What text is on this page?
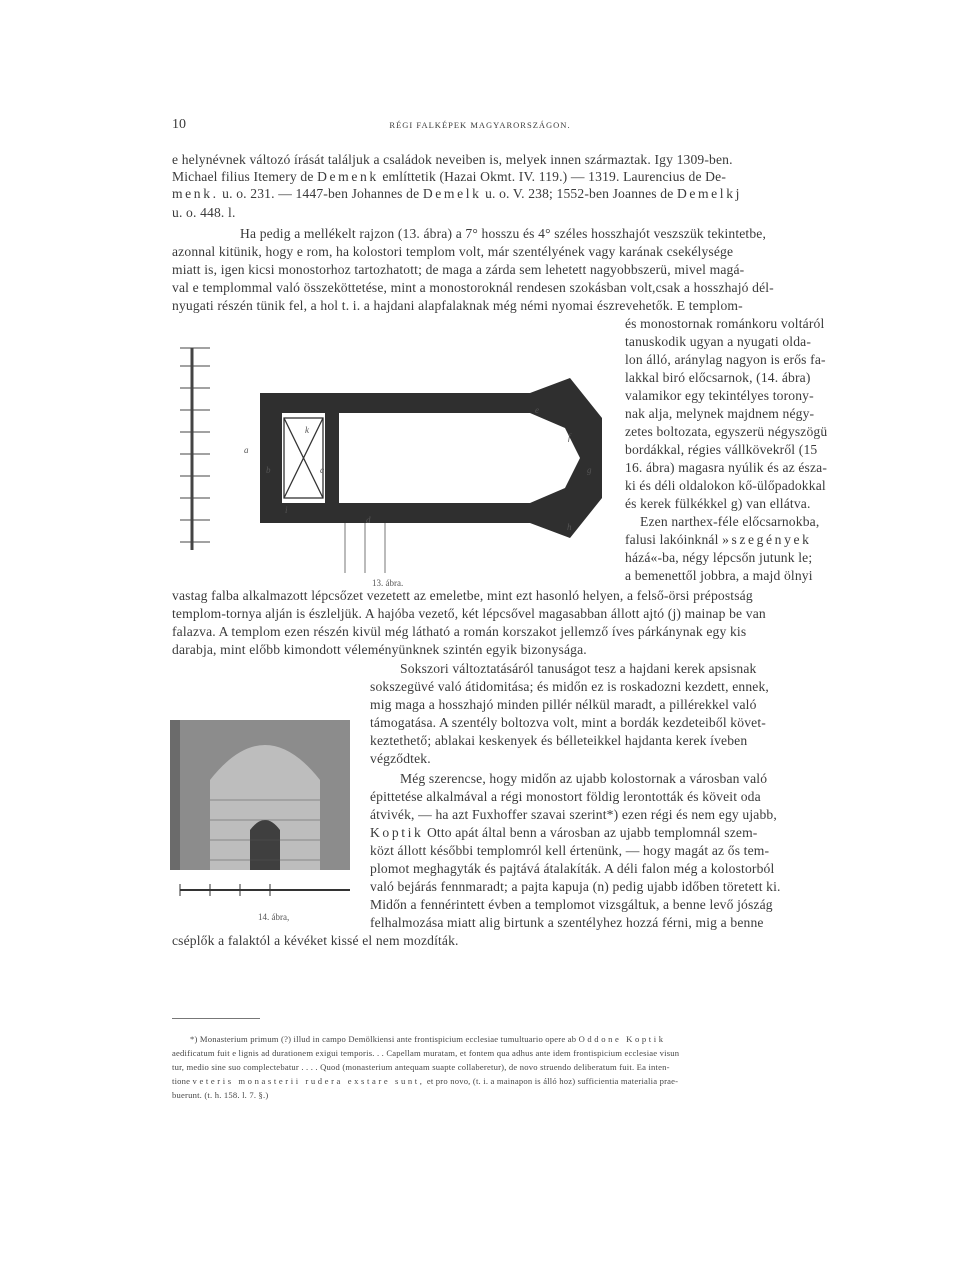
10	RÉGI FALKÉPEK MAGYARORSZÁGON.
e helynévnek változó írását találjuk a családok neveiben is, melyek innen származtak. Igy 1309-ben.
Michael filius Itemery de Demenk említtetik (Hazai Okmt. IV. 119.) — 1319. Laurencius de De-
menk. u. o. 231. — 1447-ben Johannes de Demelk u. o. V. 238; 1552-ben Joannes de Demelkj
u. o. 448. l.
Ha pedig a mellékelt rajzon (13. ábra) a 7° hosszu és 4° széles hosszhajót veszszük tekintetbe,
azonnal kitünik, hogy e rom, ha kolostori templom volt, már szentélyének vagy karának csekélysége
miatt is, igen kicsi monostorhoz tartozhatott; de maga a zárda sem lehetett nagyobbszerü, mivel magá-
val e templommal való összeköttetése, mint a monostoroknál rendesen szokásban volt,csak a hosszhajó dél-
nyugati részén tünik fel, a hol t. i. a hajdani alapfalaknak még némi nyomai észrevehetők. E templom-
és monostornak románkoru voltáról
tanuskodik ugyan a nyugati olda-
lon álló, aránylag nagyon is erős fa-
lakkal biró előcsarnok, (14. ábra)
valamikor egy tekintélyes torony-
nak alja, melynek majdnem négy-
zetes boltozata, egyszerü négyszögü
bordákkal, régies vállkövekről (15
16. ábra) magasra nyúlik és az észa-
ki és déli oldalokon kő-ülőpadokkal
és kerek fülkékkel g) van ellátva.
Ezen narthex-féle előcsarnokba,
falusi lakóinknál »szegények
házá«-ba, négy lépcsőn jutunk le;
a bemenettől jobbra, a majd ölnyi
vastag falba alkalmazott lépcsőzet vezetett az emeletbe, mint ezt hasonló helyen, a felső-örsi prépostság
templom-tornya alján is észleljük. A hajóba vezető, két lépcsővel magasabban állott ajtó (j) mainap be van
falazva. A templom ezen részén kivül még látható a román korszakot jellemző íves párkánynak egy kis
darabja, mint előbb kimondott véleményünknek szintén egyik bizonysága.
Sokszori változtatásáról tanuságot tesz a hajdani kerek apsisnak
sokszegüvé való átidomitása; és midőn ez is roskadozni kezdett, ennek,
mig maga a hosszhajó minden pillér nélkül maradt, a pillérekkel való
támogatása. A szentély boltozva volt, mint a bordák kezdeteiből követ-
keztethető; ablakai keskenyek és bélleteikkel hajdanta kerek íveben
végződtek.
Még szerencse, hogy midőn az ujabb kolostornak a városban való
épittetése alkalmával a régi monostort földig lerontották és köveit oda
átvivék, — ha azt Fuxhoffer szavai szerint*) ezen régi és nem egy ujabb,
Koptik Otto apát által benn a városban az ujabb templomnál szem-
közt állott későbbi templomról kell értenünk, — hogy magát az ős tem-
plomot meghagyták és pajtává átalakíták. A déli falon még a kolostorból
való bejárás fennmaradt; a pajta kapuja (n) pedig ujabb időben töretett ki.
Midőn a fennérintett évben a templomot vizsgáltuk, a benne levő jószág
felhalmozása miatt alig birtunk a szentélyhez hozzá férni, mig a benne
cséplők a falaktól a kévéket kissé el nem mozdíták.
13. ábra.
a
b	c
d
e
f
g
h
i
k
14. ábra,
*) Monasterium primum (?) illud in campo Demölkiensi ante frontispicium ecclesiae tumultuario opere ab Oddone Koptik
aedificatum fuit e lignis ad durationem exigui temporis. . . Capellam muratam, et fontem qua adhus ante idem frontispicium ecclesiae visun
tur, medio sine suo complectebatur . . . . Quod (monasterium antequam suapte collaberetur), de novo struendo deliberatum fuit. Ea inten-
tione veteris monasterii rudera exstare sunt, et pro novo, (t. i. a mainapon is álló hoz) sufficientia materialia prae-
buerunt. (t. h. 158. l. 7. §.)
